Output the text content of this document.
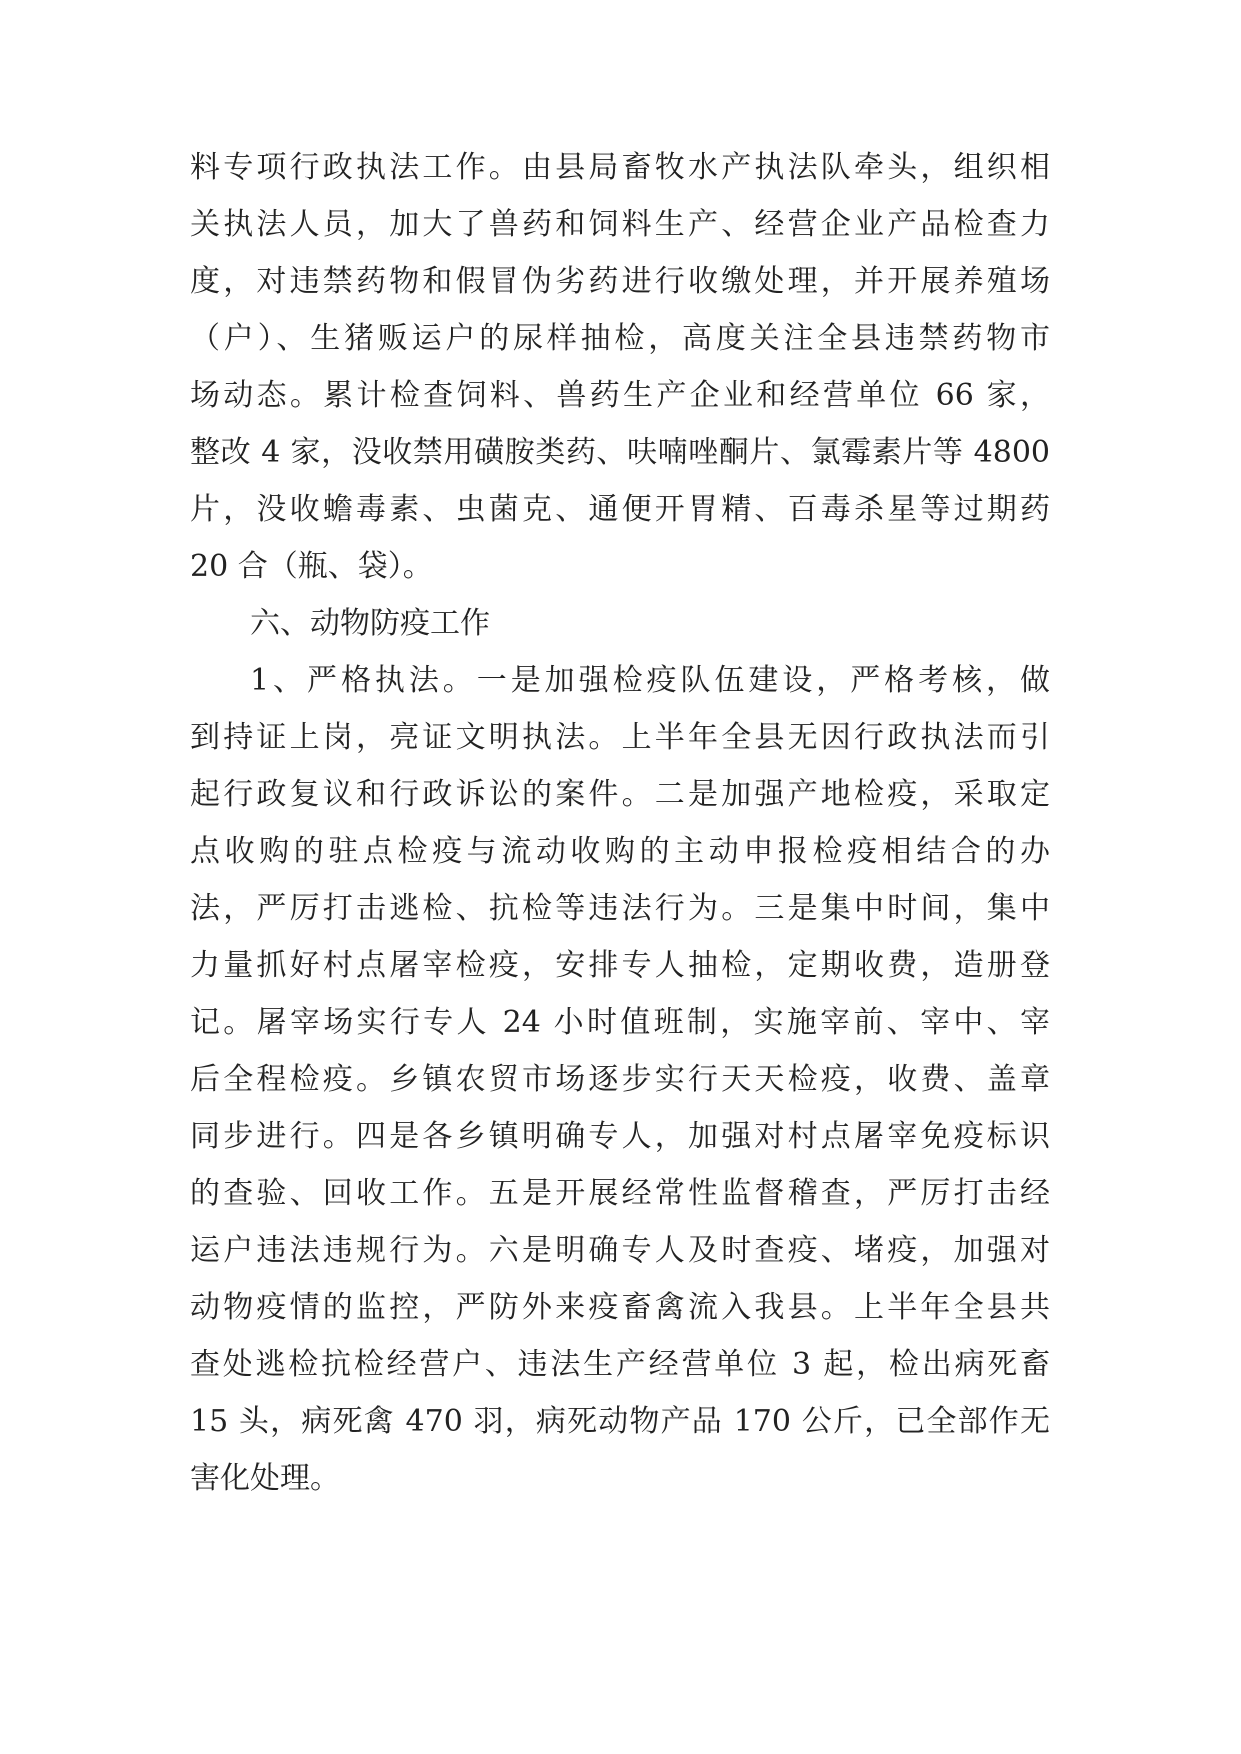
料专项行政执法工作。由县局畜牧水产执法队牵头，组织相
关执法人员，加大了兽药和饲料生产、经营企业产品检查力
度，对违禁药物和假冒伪劣药进行收缴处理，并开展养殖场
（户）、生猪贩运户的尿样抽检，高度关注全县违禁药物市
场动态。累计检查饲料、兽药生产企业和经营单位 66 家，
整改 4 家，没收禁用磺胺类药、呋喃唑酮片、氯霉素片等 4800
片，没收蟾毒素、虫菌克、通便开胃精、百毒杀星等过期药
20 合（瓶、袋）。
六、动物防疫工作
1、严格执法。一是加强检疫队伍建设，严格考核，做
到持证上岗，亮证文明执法。上半年全县无因行政执法而引
起行政复议和行政诉讼的案件。二是加强产地检疫，采取定
点收购的驻点检疫与流动收购的主动申报检疫相结合的办
法，严厉打击逃检、抗检等违法行为。三是集中时间，集中
力量抓好村点屠宰检疫，安排专人抽检，定期收费，造册登
记。屠宰场实行专人 24 小时值班制，实施宰前、宰中、宰
后全程检疫。乡镇农贸市场逐步实行天天检疫，收费、盖章
同步进行。四是各乡镇明确专人，加强对村点屠宰免疫标识
的查验、回收工作。五是开展经常性监督稽查，严厉打击经
运户违法违规行为。六是明确专人及时查疫、堵疫，加强对
动物疫情的监控，严防外来疫畜禽流入我县。上半年全县共
查处逃检抗检经营户、违法生产经营单位 3 起，检出病死畜
15 头，病死禽 470 羽，病死动物产品 170 公斤，已全部作无
害化处理。
